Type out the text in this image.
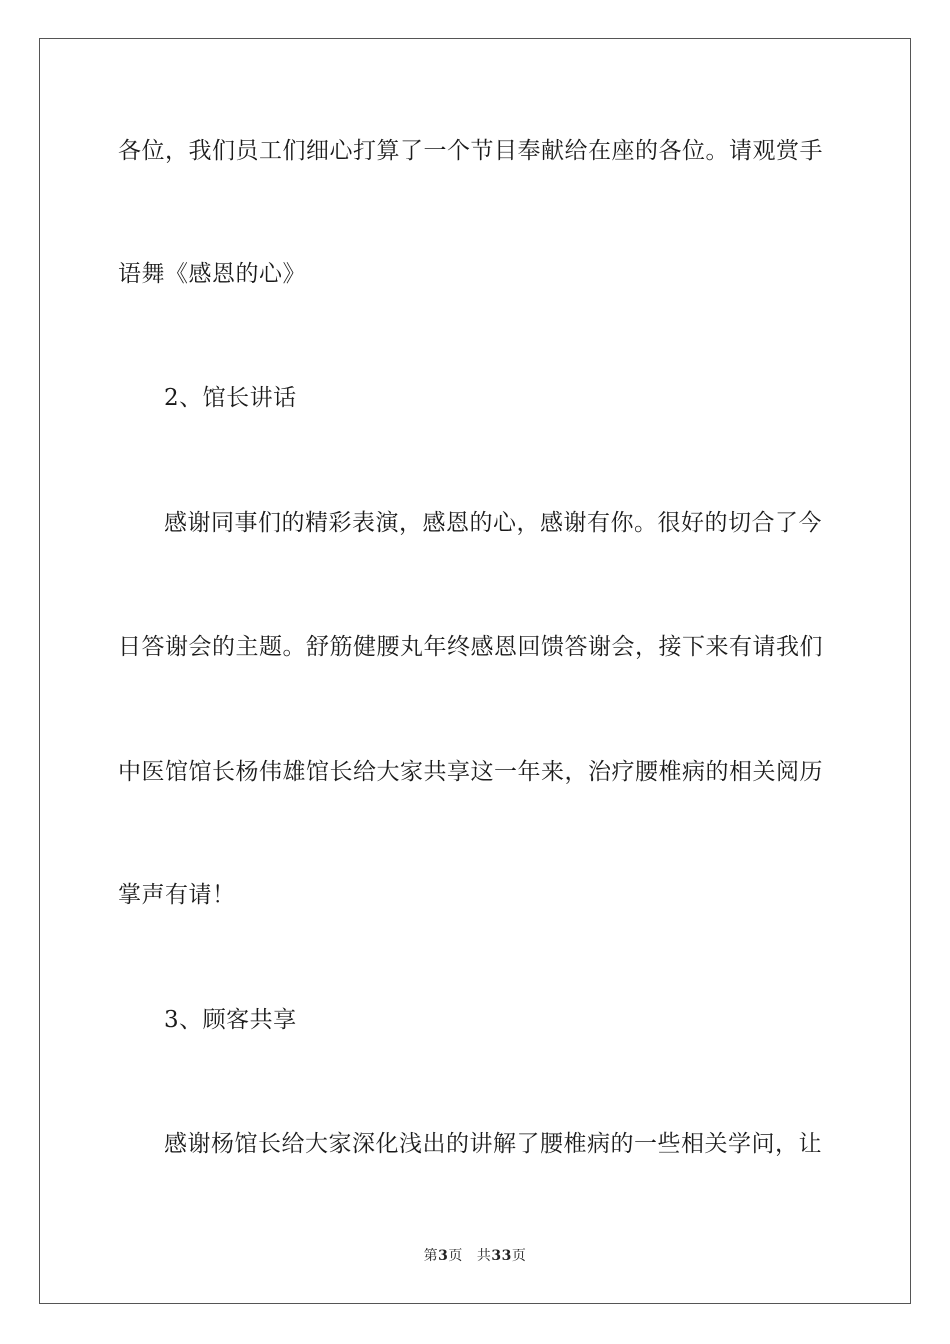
各位，我们员工们细心打算了一个节目奉献给在座的各位。请观赏手
语舞《感恩的心》
2、馆长讲话
感谢同事们的精彩表演，感恩的心，感谢有你。很好的切合了今
日答谢会的主题。舒筋健腰丸年终感恩回馈答谢会，接下来有请我们
中医馆馆长杨伟雄馆长给大家共享这一年来，治疗腰椎病的相关阅历
掌声有请！
3、顾客共享
感谢杨馆长给大家深化浅出的讲解了腰椎病的一些相关学问，让
第3页 共33页
